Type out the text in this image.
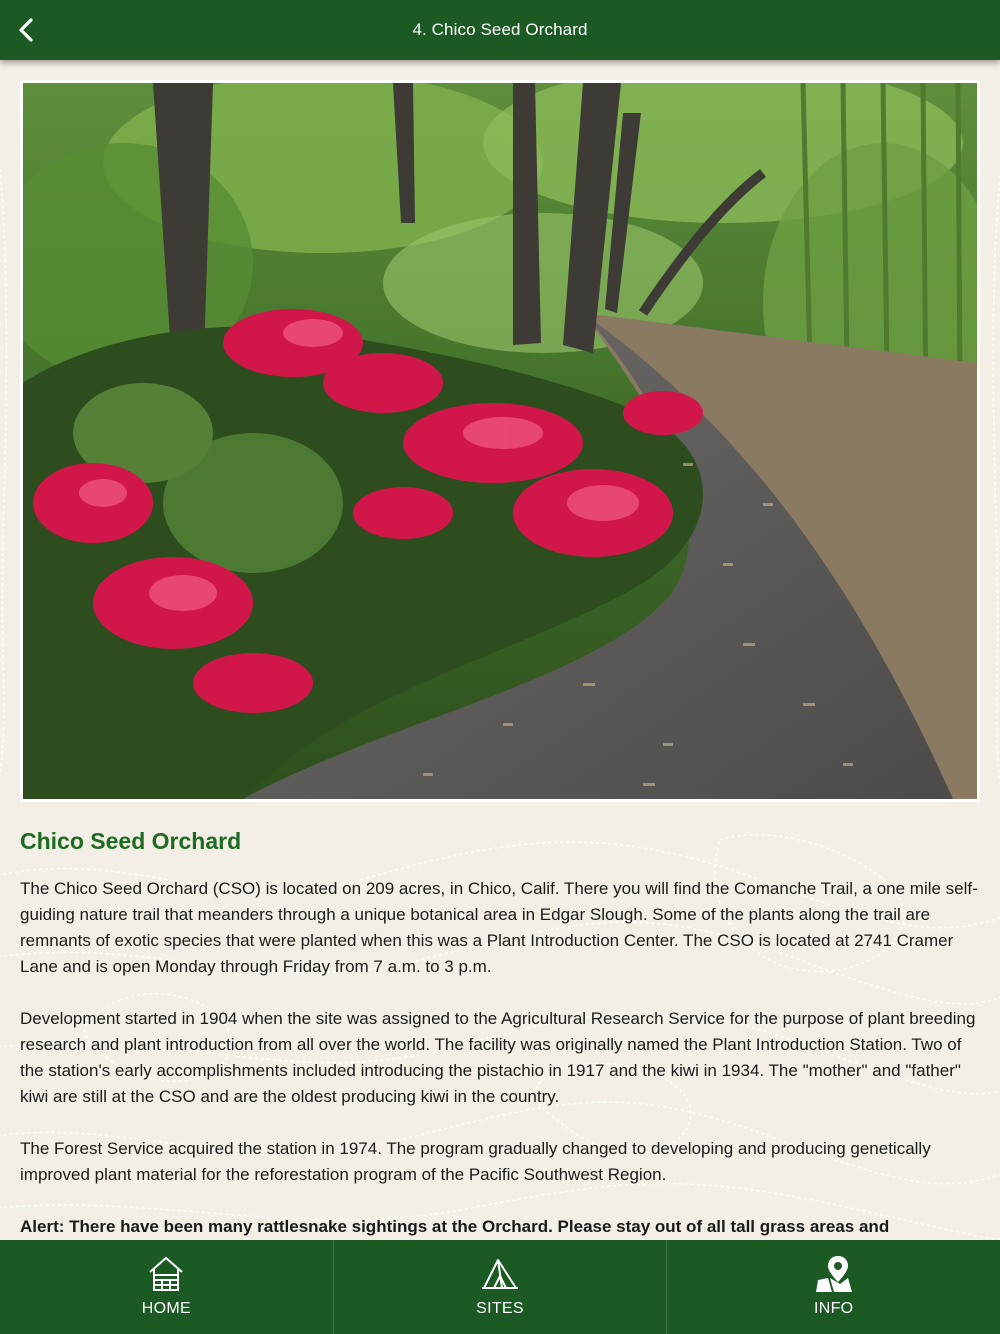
4. Chico Seed Orchard
Chico Seed Orchard

The Chico Seed Orchard (CSO) is located on 209 acres, in Chico, Calif. There you will find the Comanche Trail, a one mile self-guiding nature trail that meanders through a unique botanical area in Edgar Slough. Some of the plants along the trail are remnants of exotic species that were planted when this was a Plant Introduction Center. The CSO is located at 2741 Cramer Lane and is open Monday through Friday from 7 a.m. to 3 p.m.

Development started in 1904 when the site was assigned to the Agricultural Research Service for the purpose of plant breeding research and plant introduction from all over the world. The facility was originally named the Plant Introduction Station. Two of the station's early accomplishments included introducing the pistachio in 1917 and the kiwi in 1934. The "mother" and "father" kiwi are still at the CSO and are the oldest producing kiwi in the country.

The Forest Service acquired the station in 1974. The program gradually changed to developing and producing genetically improved plant material for the reforestation program of the Pacific Southwest Region.

Alert: There have been many rattlesnake sightings at the Orchard. Please stay out of all tall grass areas and

HOME	SITES	INFO
